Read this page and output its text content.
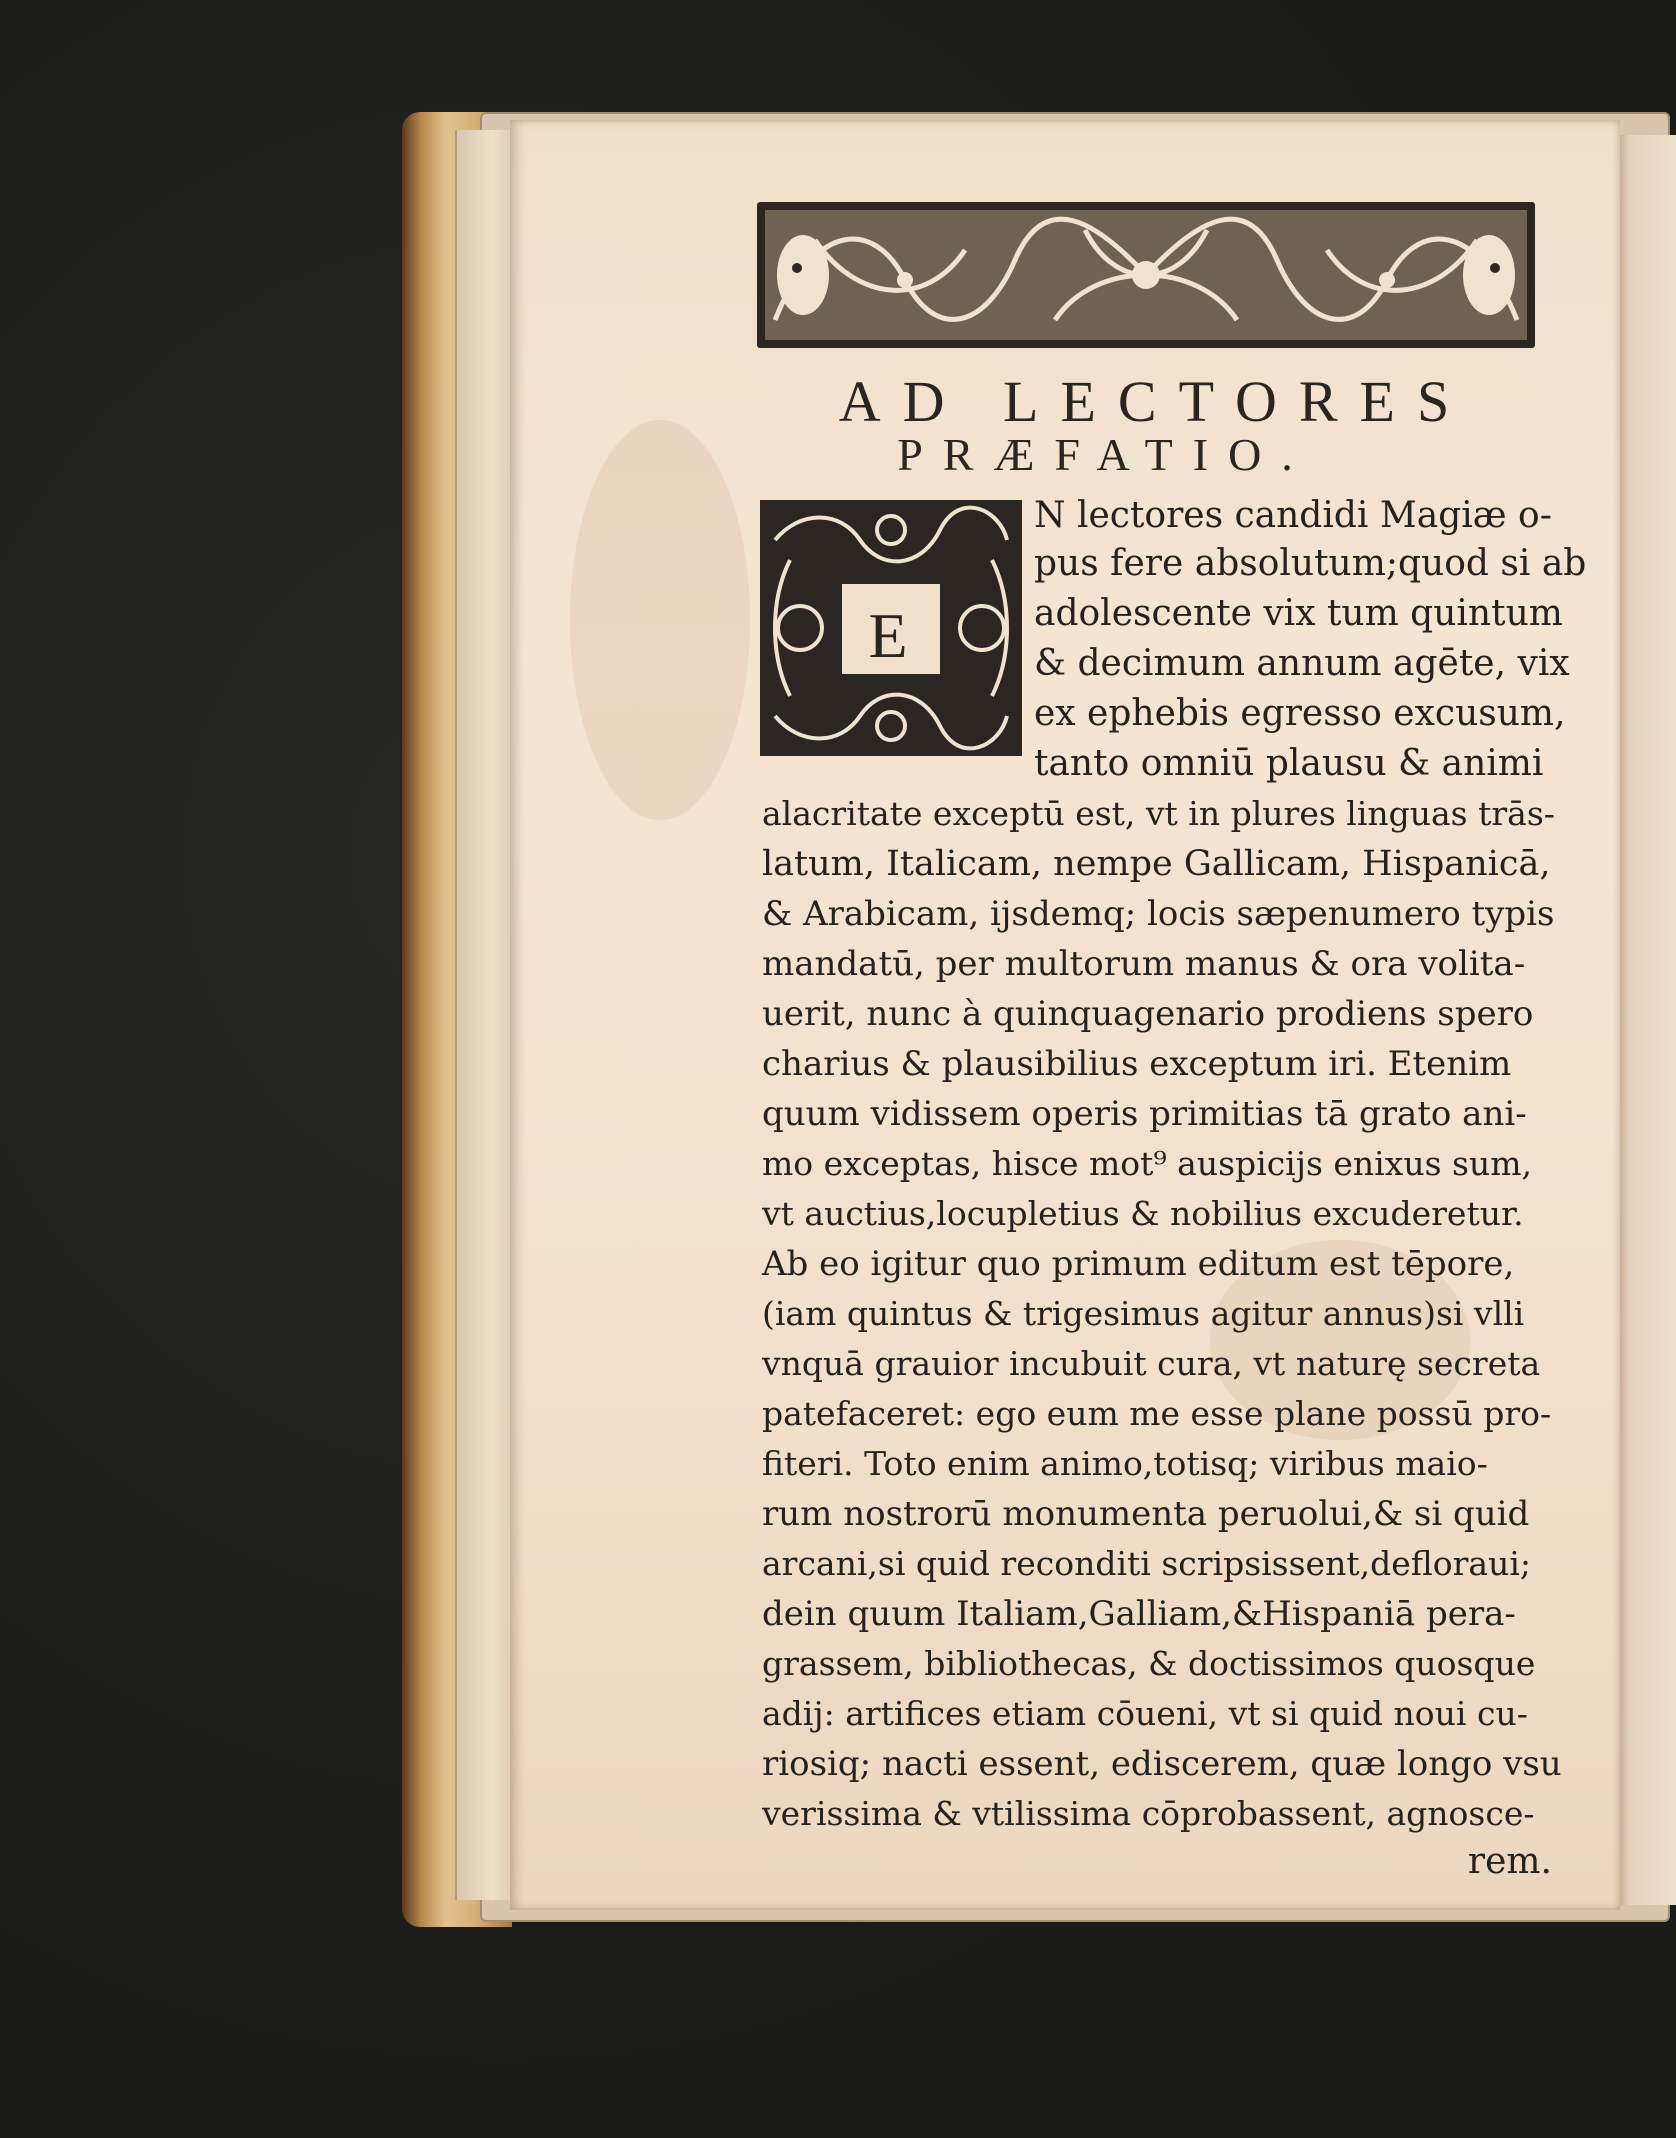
AD LECTORES
PRÆFATIO.
E
N lectores candidi Magiæ o-
pus fere absolutum;quod si ab
adolescente vix tum quintum
& decimum annum agēte, vix
ex ephebis egresso excusum,
tanto omniū plausu & animi
alacritate exceptū est, vt in plures linguas trās-
latum, Italicam, nempe Gallicam, Hispanicā,
& Arabicam, ijsdemq; locis sæpenumero typis
mandatū, per multorum manus & ora volita-
uerit, nunc à quinquagenario prodiens spero
charius & plausibilius exceptum iri. Etenim
quum vidissem operis primitias tā grato ani-
mo exceptas, hisce mot⁹ auspicijs enixus sum,
vt auctius,locupletius & nobilius excuderetur.
Ab eo igitur quo primum editum est tēpore,
(iam quintus & trigesimus agitur annus)si vlli
vnquā grauior incubuit cura, vt naturę secreta
patefaceret: ego eum me esse plane possū pro-
fiteri. Toto enim animo,totisq; viribus maio-
rum nostrorū monumenta peruolui,& si quid
arcani,si quid reconditi scripsissent,defloraui;
dein quum Italiam,Galliam,&Hispaniā pera-
grassem, bibliothecas, & doctissimos quosque
adij: artifices etiam cōueni, vt si quid noui cu-
riosiq; nacti essent, ediscerem, quæ longo vsu
verissima & vtilissima cōprobassent, agnosce-
rem.
